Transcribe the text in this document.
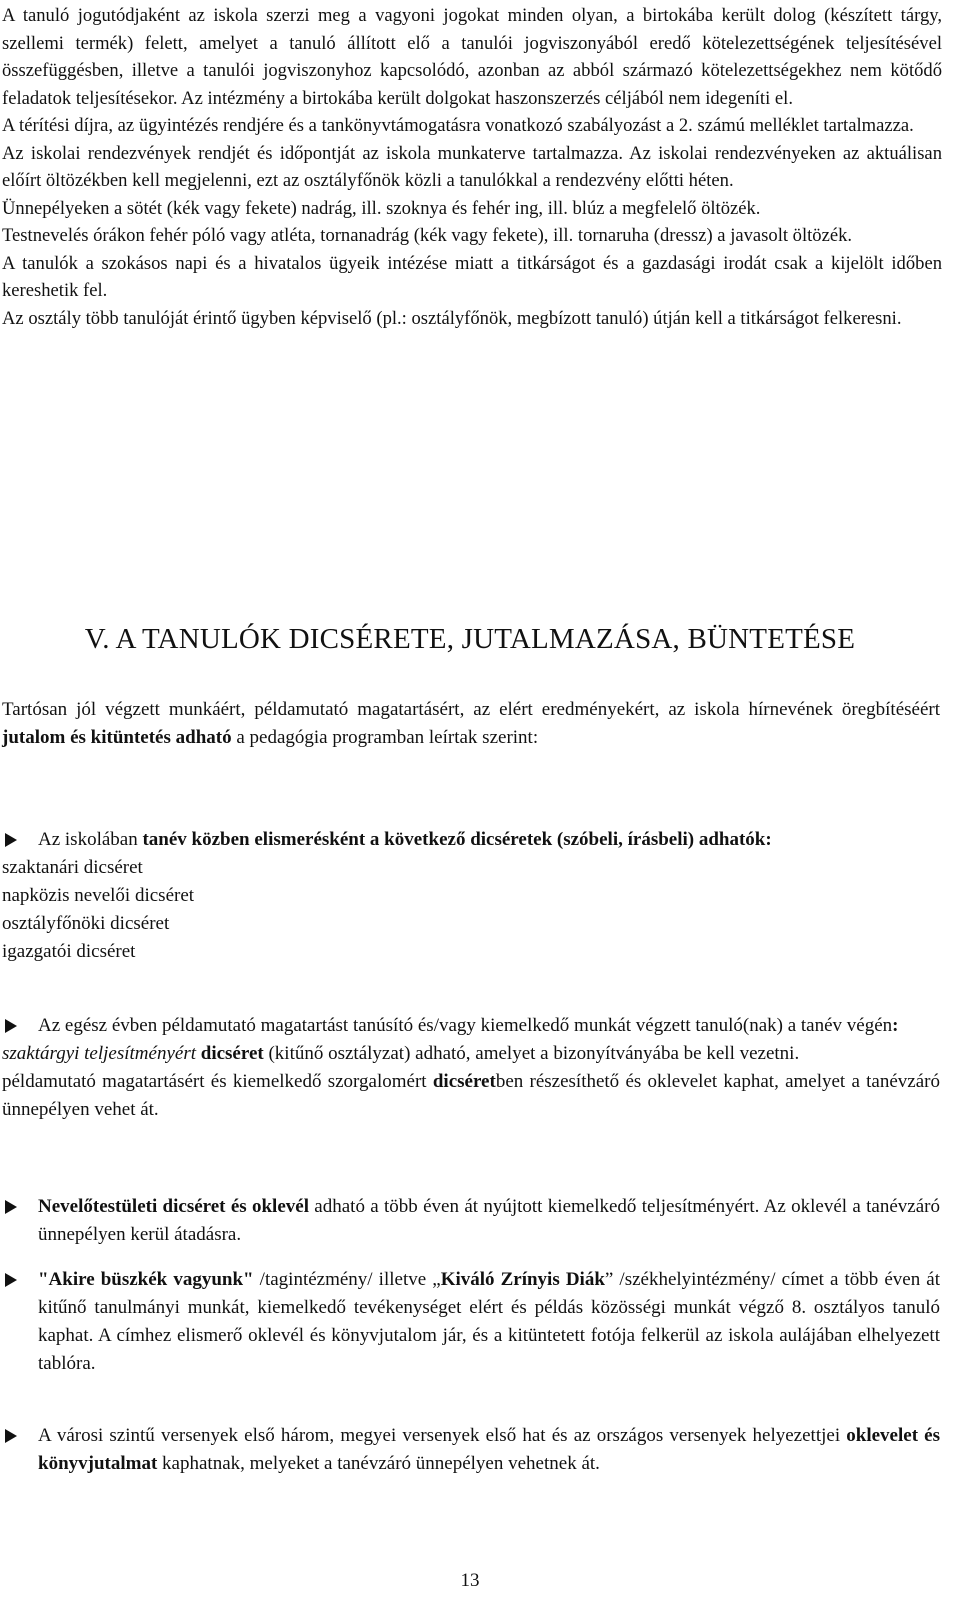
A tanuló jogutódjaként az iskola szerzi meg a vagyoni jogokat minden olyan, a birtokába került dolog (készített tárgy, szellemi termék) felett, amelyet a tanuló állított elő a tanulói jogviszonyából eredő kötelezettségének teljesítésével összefüggésben, illetve a tanulói jogviszonyhoz kapcsolódó, azonban az abból származó kötelezettségekhez nem kötődő feladatok teljesítésekor. Az intézmény a birtokába került dolgokat haszonszerzés céljából nem idegeníti el.

A térítési díjra, az ügyintézés rendjére és a tankönyvtámogatásra vonatkozó szabályozást a 2. számú melléklet tartalmazza.

Az iskolai rendezvények rendjét és időpontját az iskola munkaterve tartalmazza. Az iskolai rendezvényeken az aktuálisan előírt öltözékben kell megjelenni, ezt az osztályfőnök közli a tanulókkal a rendezvény előtti héten.

Ünnepélyeken a sötét (kék vagy fekete) nadrág, ill. szoknya és fehér ing, ill. blúz a megfelelő öltözék.

Testnevelés órákon fehér póló vagy atléta, tornanadrág (kék vagy fekete), ill. tornaruha (dressz) a javasolt öltözék.

A tanulók a szokásos napi és a hivatalos ügyeik intézése miatt a titkárságot és a gazdasági irodát csak a kijelölt időben kereshetik fel.

Az osztály több tanulóját érintő ügyben képviselő (pl.: osztályfőnök, megbízott tanuló) útján kell a titkárságot felkeresni.

V. A TANULÓK DICSÉRETE, JUTALMAZÁSA, BÜNTETÉSE

Tartósan jól végzett munkáért, példamutató magatartásért, az elért eredményekért, az iskola hírnevének öregbítéséért jutalom és kitüntetés adható a pedagógia programban leírtak szerint:

Az iskolában tanév közben elismerésként a következő dicséretek (szóbeli, írásbeli) adhatók:

szaktanári dicséret

napközis nevelői dicséret

osztályfőnöki dicséret

igazgatói dicséret

Az egész évben példamutató magatartást tanúsító és/vagy kiemelkedő munkát végzett tanuló(nak) a tanév végén:

szaktárgyi teljesítményért dicséret (kitűnő osztályzat) adható, amelyet a bizonyítványába be kell vezetni.

példamutató magatartásért és kiemelkedő szorgalomért dicséretben részesíthető és oklevelet kaphat, amelyet a tanévzáró ünnepélyen vehet át.

Nevelőtestületi dicséret és oklevél adható a több éven át nyújtott kiemelkedő teljesítményért. Az oklevél a tanévzáró ünnepélyen kerül átadásra.

"Akire büszkék vagyunk" /tagintézmény/ illetve „Kiváló Zrínyis Diák” /székhelyintézmény/ címet a több éven át kitűnő tanulmányi munkát, kiemelkedő tevékenységet elért és példás közösségi munkát végző 8. osztályos tanuló kaphat. A címhez elismerő oklevél és könyvjutalom jár, és a kitüntetett fotója felkerül az iskola aulájában elhelyezett tablóra.

A városi szintű versenyek első három, megyei versenyek első hat és az országos versenyek helyezettjei oklevelet és könyvjutalmat kaphatnak, melyeket a tanévzáró ünnepélyen vehetnek át.

13
